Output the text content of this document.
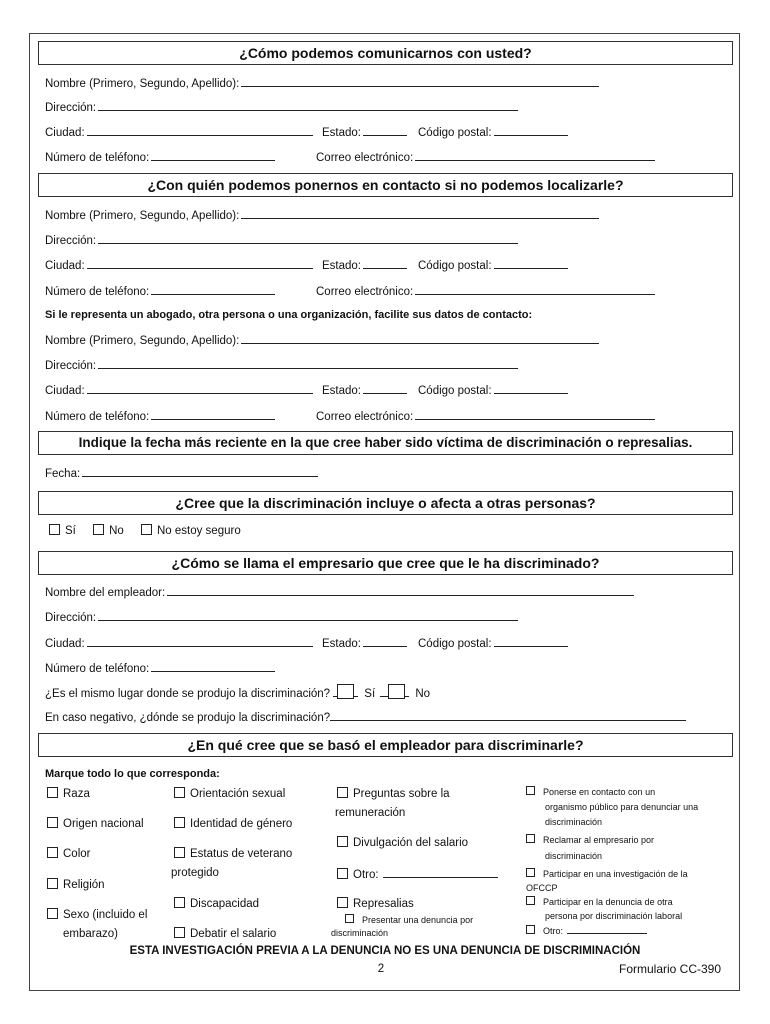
¿Cómo podemos comunicarnos con usted?
Nombre (Primero, Segundo, Apellido):
Dirección:
Ciudad:	Estado:	Código postal:
Número de teléfono:	Correo electrónico:
¿Con quién podemos ponernos en contacto si no podemos localizarle?
Nombre (Primero, Segundo, Apellido):
Dirección:
Ciudad:	Estado:	Código postal:
Número de teléfono:	Correo electrónico:
Si le representa un abogado, otra persona o una organización, facilite sus datos de contacto:
Nombre (Primero, Segundo, Apellido):
Dirección:
Ciudad:	Estado:	Código postal:
Número de teléfono:	Correo electrónico:
Indique la fecha más reciente en la que cree haber sido víctima de discriminación o represalias.
Fecha:
¿Cree que la discriminación incluye o afecta a otras personas?
Sí	No	No estoy seguro
¿Cómo se llama el empresario que cree que le ha discriminado?
Nombre del empleador:
Dirección:
Ciudad:	Estado:	Código postal:
Número de teléfono:
¿Es el mismo lugar donde se produjo la discriminación?	Sí	No
En caso negativo, ¿dónde se produjo la discriminación?
¿En qué cree que se basó el empleador para discriminarle?
Marque todo lo que corresponda:
Raza
Origen nacional
Color
Religión
Sexo (incluido el
embarazo)
Orientación sexual
Identidad de género
Estatus de veterano
protegido
Discapacidad
Debatir el salario
Preguntas sobre la
remuneración
Divulgación del salario
Otro:
Represalias
Presentar una denuncia por
discriminación
Ponerse en contacto con un
organismo público para denunciar una
discriminación
Reclamar al empresario por
discriminación
Participar en una investigación de la
OFCCP
Participar en la denuncia de otra
persona por discriminación laboral
Otro:
ESTA INVESTIGACIÓN PREVIA A LA DENUNCIA NO ES UNA DENUNCIA DE DISCRIMINACIÓN
2	Formulario CC-390
